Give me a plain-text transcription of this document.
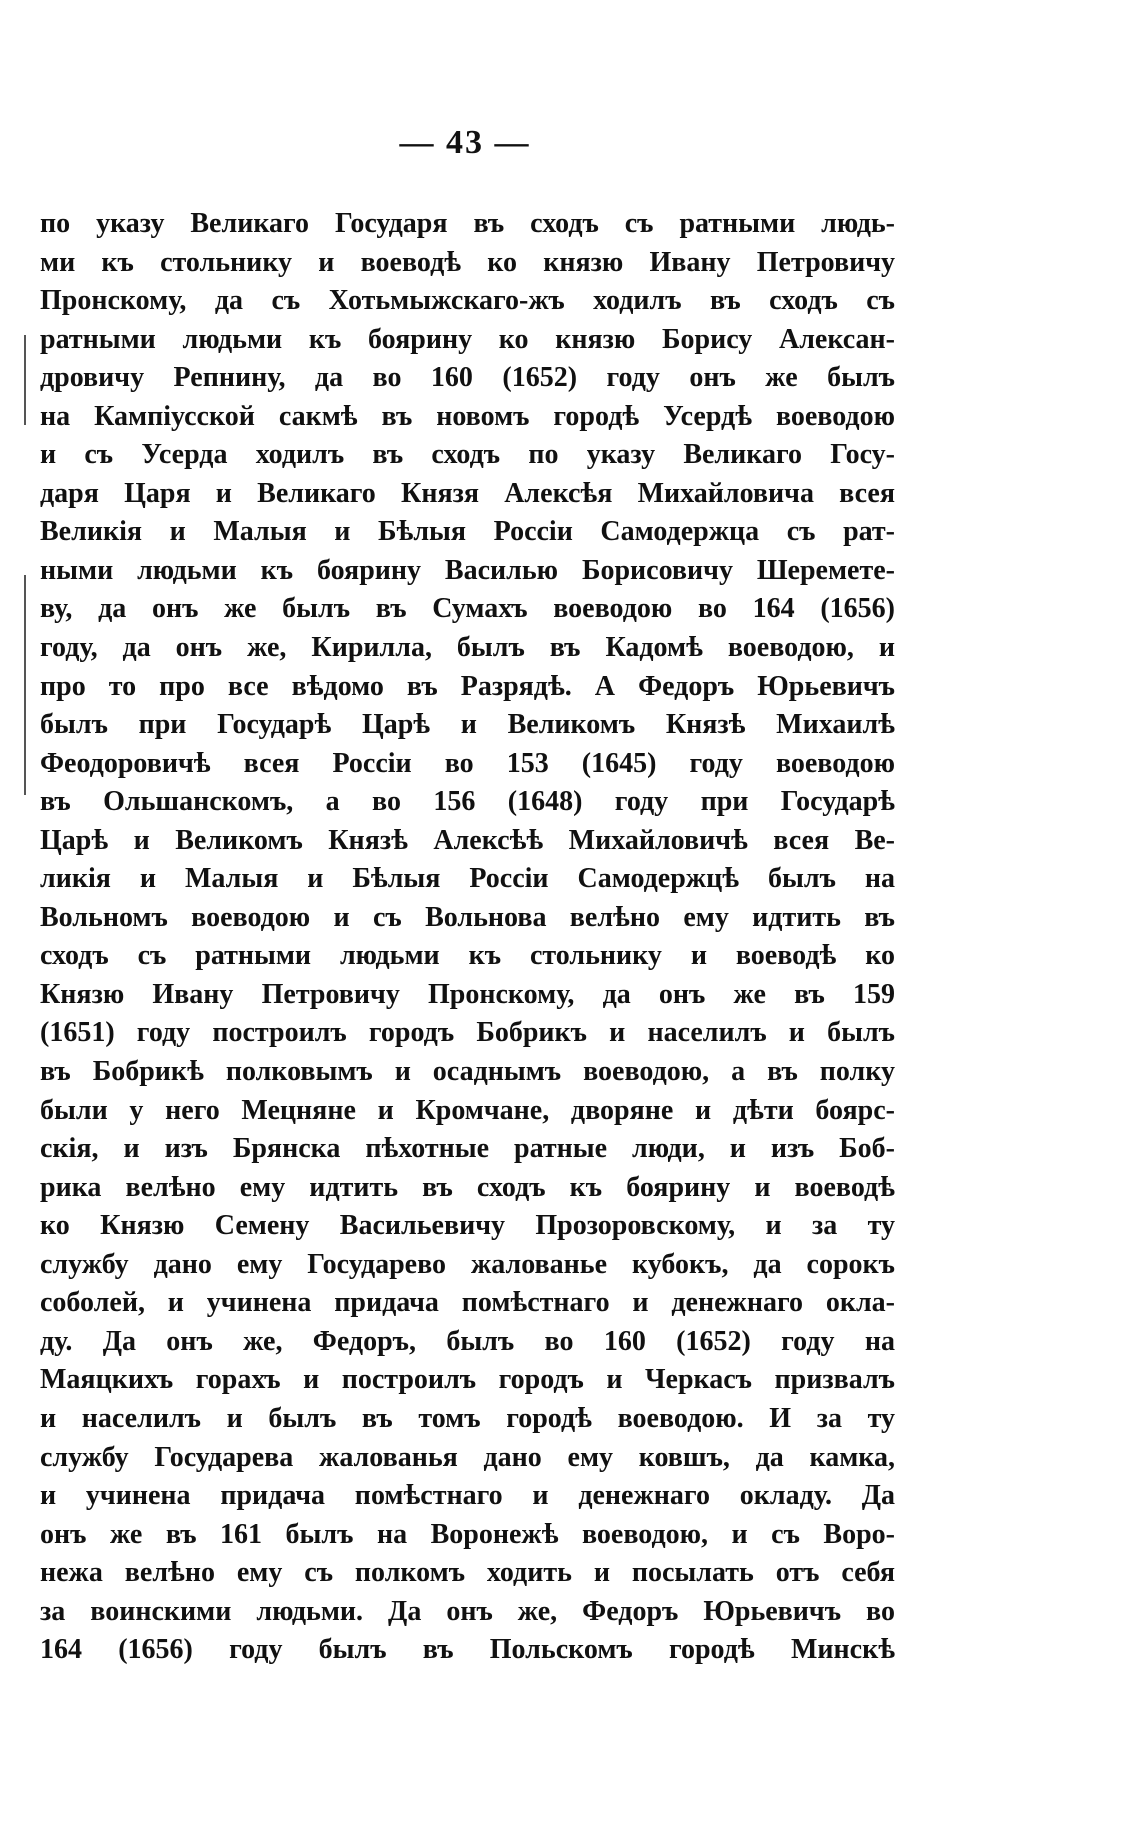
— 43 —
по указу Великаго Государя въ сходъ съ ратными людь-
ми къ стольнику и воеводѣ ко князю Ивану Петровичу
Пронскому, да съ Хотьмыжскаго-жъ ходилъ въ сходъ съ
ратными людьми къ боярину ко князю Борису Алексан-
дровичу Репнину, да во 160 (1652) году онъ же былъ
на Кампіусской сакмѣ въ новомъ городѣ Усердѣ воеводою
и съ Усерда ходилъ въ сходъ по указу Великаго Госу-
даря Царя и Великаго Князя Алексѣя Михайловича всея
Великія и Малыя и Бѣлыя Россіи Самодержца съ рат-
ными людьми къ боярину Василью Борисовичу Шереметe-
ву, да онъ же былъ въ Сумахъ воеводою во 164 (1656)
году, да онъ же, Кирилла, былъ въ Кадомѣ воеводою, и
про то про все вѣдомо въ Разрядѣ. А Федоръ Юрьевичъ
былъ при Государѣ Царѣ и Великомъ Князѣ Михаилѣ
Феодоровичѣ всея Россіи во 153 (1645) году воеводою
въ Ольшанскомъ, а во 156 (1648) году при Государѣ
Царѣ и Великомъ Князѣ Алексѣѣ Михайловичѣ всея Ве-
ликія и Малыя и Бѣлыя Россіи Самодержцѣ былъ на
Вольномъ воеводою и съ Вольнова велѣно ему идтить въ
сходъ съ ратными людьми къ стольнику и воеводѣ ко
Князю Ивану Петровичу Пронскому, да онъ же въ 159
(1651) году построилъ городъ Бобрикъ и населилъ и былъ
въ Бобрикѣ полковымъ и осаднымъ воеводою, а въ полку
были у него Мецняне и Кромчане, дворяне и дѣти боярс-
скія, и изъ Брянска пѣхотные ратные люди, и изъ Боб-
рика велѣно ему идтить въ сходъ къ боярину и воеводѣ
ко Князю Семену Васильевичу Прозоровскому, и за ту
службу дано ему Государево жалованье кубокъ, да сорокъ
соболей, и учинена придача помѣстнаго и денежнаго окла-
ду. Да онъ же, Федоръ, былъ во 160 (1652) году на
Маяцкихъ горахъ и построилъ городъ и Черкасъ призвалъ
и населилъ и былъ въ томъ городѣ воеводою. И за ту
службу Государева жалованья дано ему ковшъ, да камка,
и учинена придача помѣстнаго и денежнаго окладу. Да
онъ же въ 161 былъ на Воронежѣ воеводою, и съ Воро-
нежа велѣно ему съ полкомъ ходить и посылать отъ себя
за воинскими людьми. Да онъ же, Федоръ Юрьевичъ во
164 (1656) году былъ въ Польскомъ городѣ Минскѣ
